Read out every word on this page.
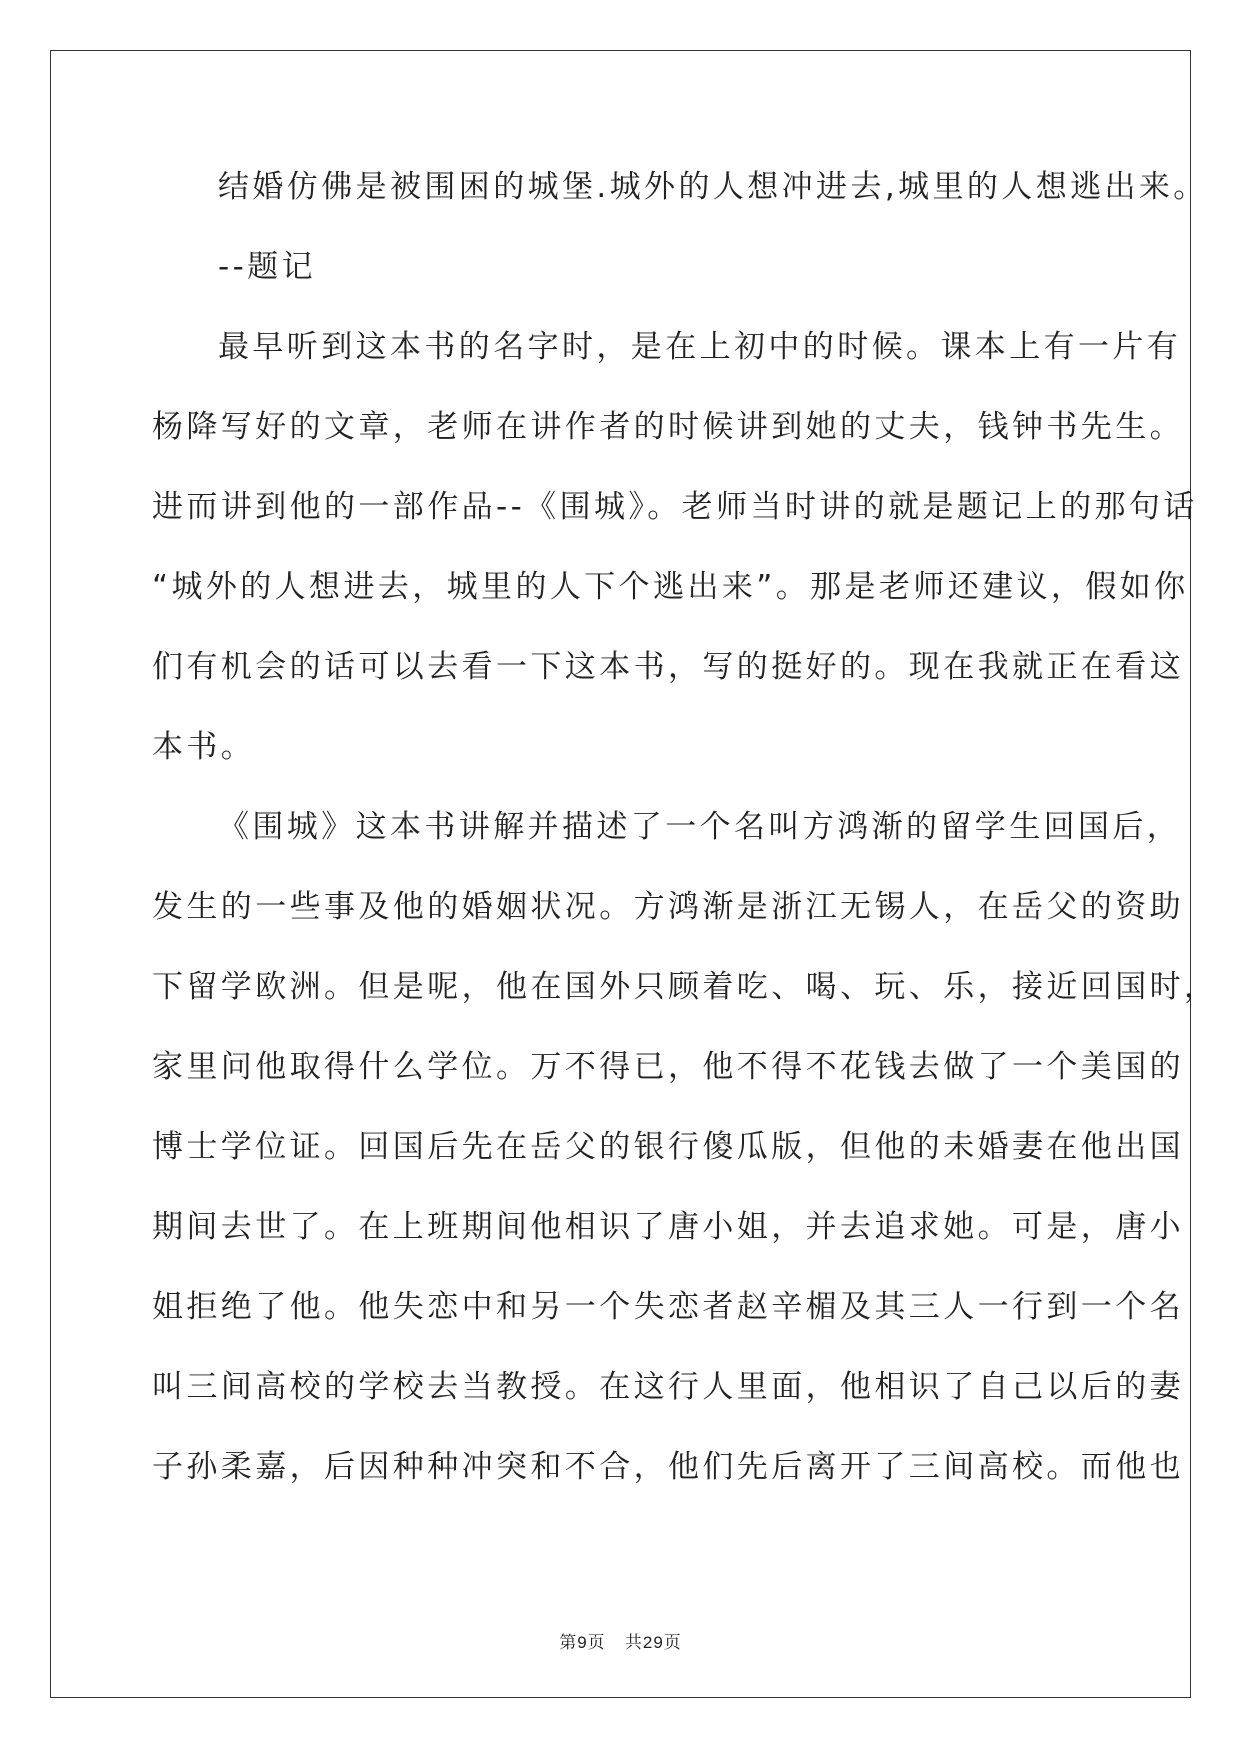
结婚仿佛是被围困的城堡.城外的人想冲进去,城里的人想逃出来。
--题记
最早听到这本书的名字时，是在上初中的时候。课本上有一片有
杨降写好的文章，老师在讲作者的时候讲到她的丈夫，钱钟书先生。
进而讲到他的一部作品--《围城》。老师当时讲的就是题记上的那句话
“城外的人想进去，城里的人下个逃出来”。那是老师还建议，假如你
们有机会的话可以去看一下这本书，写的挺好的。现在我就正在看这
本书。
《围城》这本书讲解并描述了一个名叫方鸿渐的留学生回国后，
发生的一些事及他的婚姻状况。方鸿渐是浙江无锡人，在岳父的资助
下留学欧洲。但是呢，他在国外只顾着吃、喝、玩、乐，接近回国时，
家里问他取得什么学位。万不得已，他不得不花钱去做了一个美国的
博士学位证。回国后先在岳父的银行傻瓜版，但他的未婚妻在他出国
期间去世了。在上班期间他相识了唐小姐，并去追求她。可是，唐小
姐拒绝了他。他失恋中和另一个失恋者赵辛楣及其三人一行到一个名
叫三间高校的学校去当教授。在这行人里面，他相识了自己以后的妻
子孙柔嘉，后因种种冲突和不合，他们先后离开了三间高校。而他也
第9页 共29页
